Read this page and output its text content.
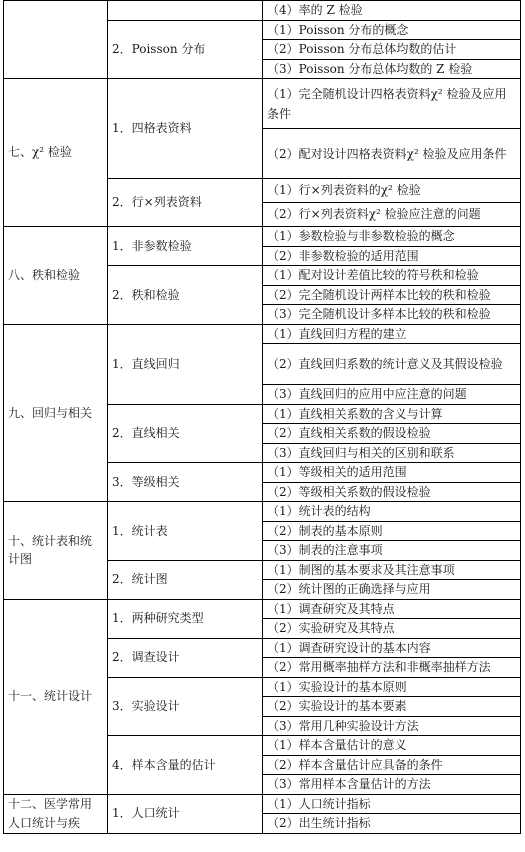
		（4）率的 Z 检验
	2．Poisson 分布	（1）Poisson 分布的概念
		（2）Poisson 分布总体均数的估计
		（3）Poisson 分布总体均数的 Z 检验
七、χ² 检验	1．四格表资料	（1）完全随机设计四格表资料χ² 检验及应用条件
		（2）配对设计四格表资料χ² 检验及应用条件
	2．行×列表资料	（1）行×列表资料的χ² 检验
		（2）行×列表资料χ² 检验应注意的问题
八、秩和检验	1．非参数检验	（1）参数检验与非参数检验的概念
		（2）非参数检验的适用范围
	2．秩和检验	（1）配对设计差值比较的符号秩和检验
		（2）完全随机设计两样本比较的秩和检验
		（3）完全随机设计多样本比较的秩和检验
九、回归与相关	1．直线回归	（1）直线回归方程的建立
		（2）直线回归系数的统计意义及其假设检验
		（3）直线回归的应用中应注意的问题
	2．直线相关	（1）直线相关系数的含义与计算
		（2）直线相关系数的假设检验
		（3）直线回归与相关的区别和联系
	3．等级相关	（1）等级相关的适用范围
		（2）等级相关系数的假设检验
十、统计表和统计图	1．统计表	（1）统计表的结构
		（2）制表的基本原则
		（3）制表的注意事项
	2．统计图	（1）制图的基本要求及其注意事项
		（2）统计图的正确选择与应用
十一、统计设计	1．两种研究类型	（1）调查研究及其特点
		（2）实验研究及其特点
	2．调查设计	（1）调查研究设计的基本内容
		（2）常用概率抽样方法和非概率抽样方法
	3．实验设计	（1）实验设计的基本原则
		（2）实验设计的基本要素
		（3）常用几种实验设计方法
	4．样本含量的估计	（1）样本含量估计的意义
		（2）样本含量估计应具备的条件
		（3）常用样本含量估计的方法
十二、医学常用人口统计与疾	1．人口统计	（1）人口统计指标
		（2）出生统计指标
